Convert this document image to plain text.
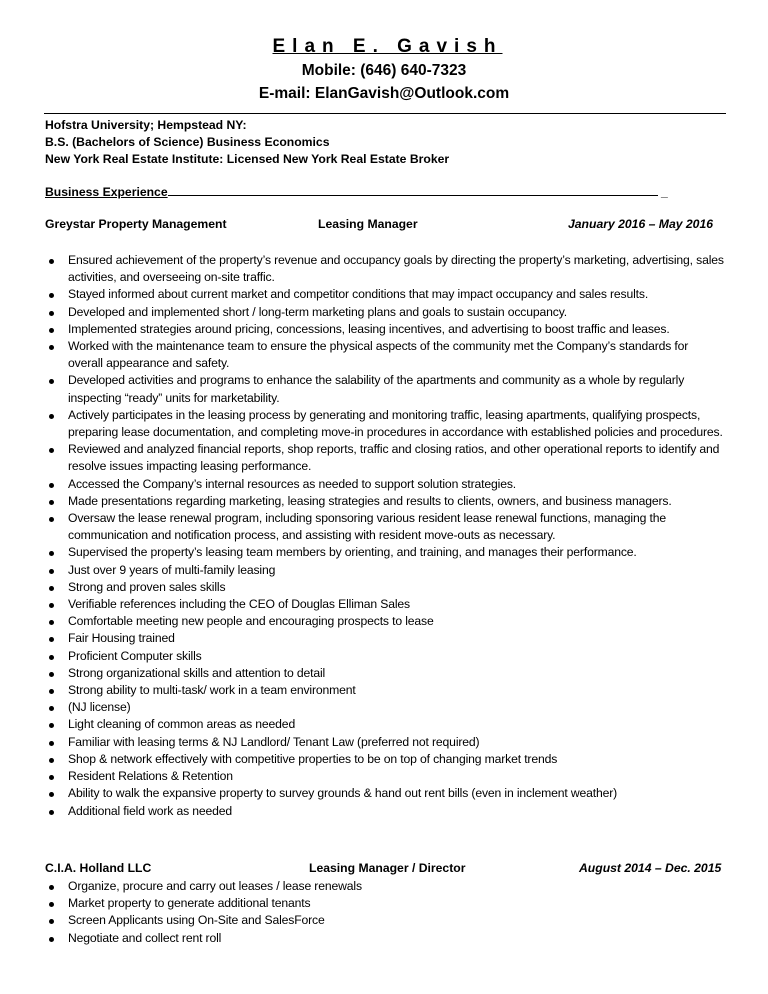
Elan E. Gavish
Mobile: (646) 640-7323
E-mail: ElanGavish@Outlook.com
Hofstra University; Hempstead NY:
B.S. (Bachelors of Science) Business Economics
New York Real Estate Institute: Licensed New York Real Estate Broker
Business Experience	_
Greystar Property Management	Leasing Manager	January 2016 – May 2016
Ensured achievement of the property’s revenue and occupancy goals by directing the property’s marketing, advertising, sales activities, and overseeing on-site traffic.
Stayed informed about current market and competitor conditions that may impact occupancy and sales results.
Developed and implemented short / long-term marketing plans and goals to sustain occupancy.
Implemented strategies around pricing, concessions, leasing incentives, and advertising to boost traffic and leases.
Worked with the maintenance team to ensure the physical aspects of the community met the Company’s standards for overall appearance and safety.
Developed activities and programs to enhance the salability of the apartments and community as a whole by regularly inspecting “ready” units for marketability.
Actively participates in the leasing process by generating and monitoring traffic, leasing apartments, qualifying prospects, preparing lease documentation, and completing move-in procedures in accordance with established policies and procedures.
Reviewed and analyzed financial reports, shop reports, traffic and closing ratios, and other operational reports to identify and resolve issues impacting leasing performance.
Accessed the Company’s internal resources as needed to support solution strategies.
Made presentations regarding marketing, leasing strategies and results to clients, owners, and business managers.
Oversaw the lease renewal program, including sponsoring various resident lease renewal functions, managing the communication and notification process, and assisting with resident move-outs as necessary.
Supervised the property’s leasing team members by orienting, and training, and manages their performance.
Just over 9 years of multi-family leasing
Strong and proven sales skills
Verifiable references including the CEO of Douglas Elliman Sales
Comfortable meeting new people and encouraging prospects to lease
Fair Housing trained
Proficient Computer skills
Strong organizational skills and attention to detail
Strong ability to multi-task/ work in a team environment
(NJ license)
Light cleaning of common areas as needed
Familiar with leasing terms & NJ Landlord/ Tenant Law (preferred not required)
Shop & network effectively with competitive properties to be on top of changing market trends
Resident Relations & Retention
Ability to walk the expansive property to survey grounds & hand out rent bills (even in inclement weather)
Additional field work as needed
C.I.A. Holland LLC	Leasing Manager / Director	August 2014 – Dec. 2015
Organize, procure and carry out leases / lease renewals
Market property to generate additional tenants
Screen Applicants using On-Site and SalesForce
Negotiate and collect rent roll
